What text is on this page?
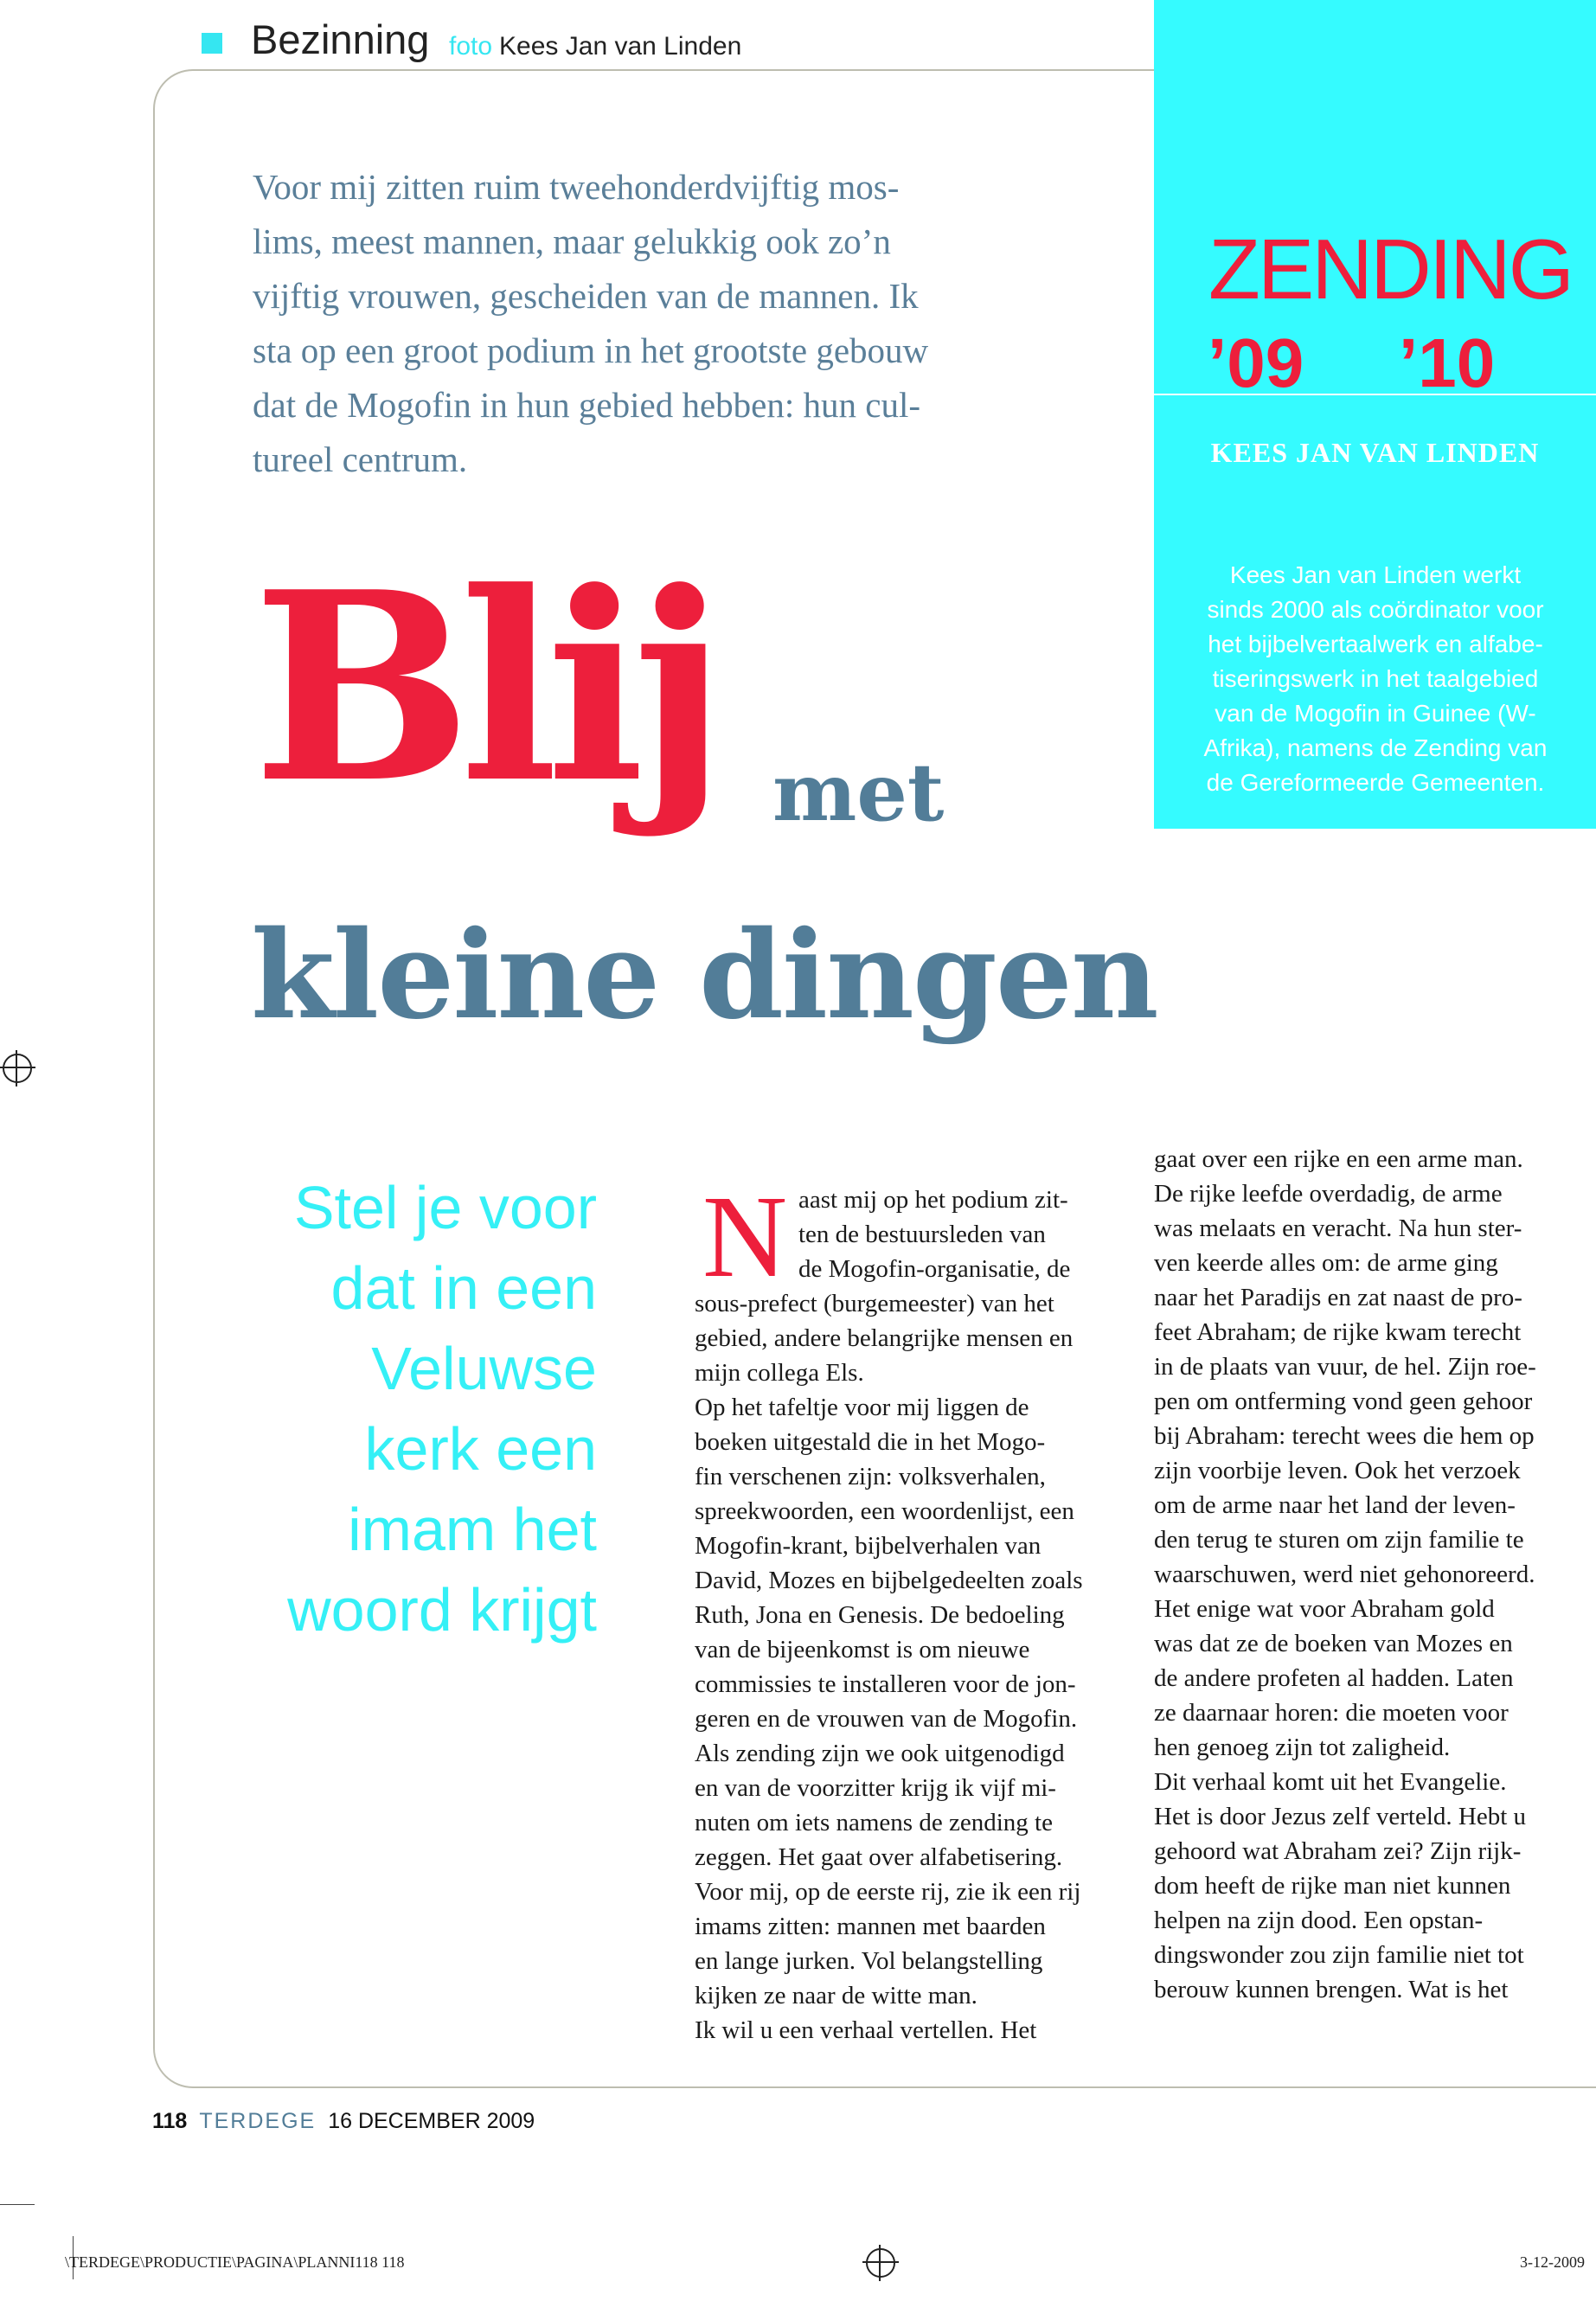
Bezinning foto Kees Jan van Linden
ZENDING
’09 ’10
KEES JAN VAN LINDEN
Kees Jan van Linden werkt
sinds 2000 als coördinator voor
het bijbelvertaalwerk en alfabe-
tiseringswerk in het taalgebied
van de Mogofin in Guinee (W-
Afrika), namens de Zending van
de Gereformeerde Gemeenten.
Voor mij zitten ruim tweehonderdvijftig mos-
lims, meest mannen, maar gelukkig ook zo’n
vijftig vrouwen, gescheiden van de mannen. Ik
sta op een groot podium in het grootste gebouw
dat de Mogofin in hun gebied hebben: hun cul-
tureel centrum.
Blij met
kleine dingen
Stel je voor
dat in een
Veluwse
kerk een
imam het
woord krijgt
N aast mij op het podium zit-
ten de bestuursleden van
de Mogofin-organisatie, de
sous-prefect (burgemeester) van het
gebied, andere belangrijke mensen en
mijn collega Els.
Op het tafeltje voor mij liggen de
boeken uitgestald die in het Mogo-
fin verschenen zijn: volksverhalen,
spreekwoorden, een woordenlijst, een
Mogofin-krant, bijbelverhalen van
David, Mozes en bijbelgedeelten zoals
Ruth, Jona en Genesis. De bedoeling
van de bijeenkomst is om nieuwe
commissies te installeren voor de jon-
geren en de vrouwen van de Mogofin.
Als zending zijn we ook uitgenodigd
en van de voorzitter krijg ik vijf mi-
nuten om iets namens de zending te
zeggen. Het gaat over alfabetisering.
Voor mij, op de eerste rij, zie ik een rij
imams zitten: mannen met baarden
en lange jurken. Vol belangstelling
kijken ze naar de witte man.
Ik wil u een verhaal vertellen. Het
gaat over een rijke en een arme man.
De rijke leefde overdadig, de arme
was melaats en veracht. Na hun ster-
ven keerde alles om: de arme ging
naar het Paradijs en zat naast de pro-
feet Abraham; de rijke kwam terecht
in de plaats van vuur, de hel. Zijn roe-
pen om ontferming vond geen gehoor
bij Abraham: terecht wees die hem op
zijn voorbije leven. Ook het verzoek
om de arme naar het land der leven-
den terug te sturen om zijn familie te
waarschuwen, werd niet gehonoreerd.
Het enige wat voor Abraham gold
was dat ze de boeken van Mozes en
de andere profeten al hadden. Laten
ze daarnaar horen: die moeten voor
hen genoeg zijn tot zaligheid.
Dit verhaal komt uit het Evangelie.
Het is door Jezus zelf verteld. Hebt u
gehoord wat Abraham zei? Zijn rijk-
dom heeft de rijke man niet kunnen
helpen na zijn dood. Een opstan-
dingswonder zou zijn familie niet tot
berouw kunnen brengen. Wat is het
118 TERDEGE 16 DECEMBER 2009
\TERDEGE\PRODUCTIE\PAGINA\PLANNI118 118	3-12-2009
